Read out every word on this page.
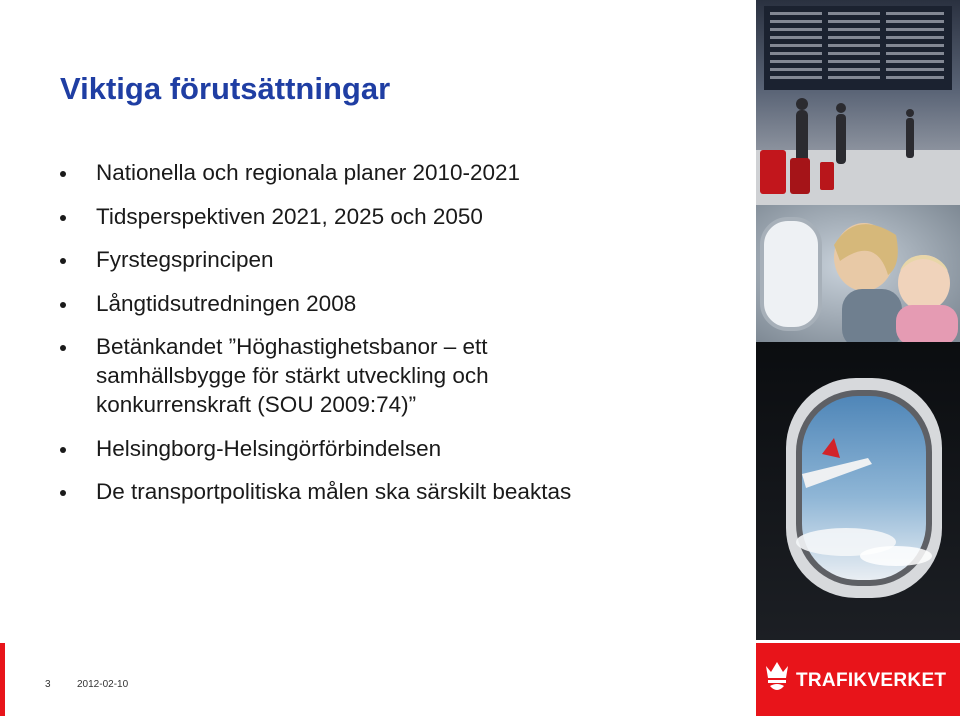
Viktiga förutsättningar
Nationella och regionala planer 2010-2021
Tidsperspektiven 2021, 2025 och 2050
Fyrstegsprincipen
Långtidsutredningen 2008
Betänkandet ”Höghastighetsbanor – ett
samhällsbygge för stärkt utveckling och
konkurrenskraft (SOU 2009:74)”
Helsingborg-Helsingörförbindelsen
De transportpolitiska målen ska särskilt beaktas
3	2012-02-10	TRAFIKVERKET
